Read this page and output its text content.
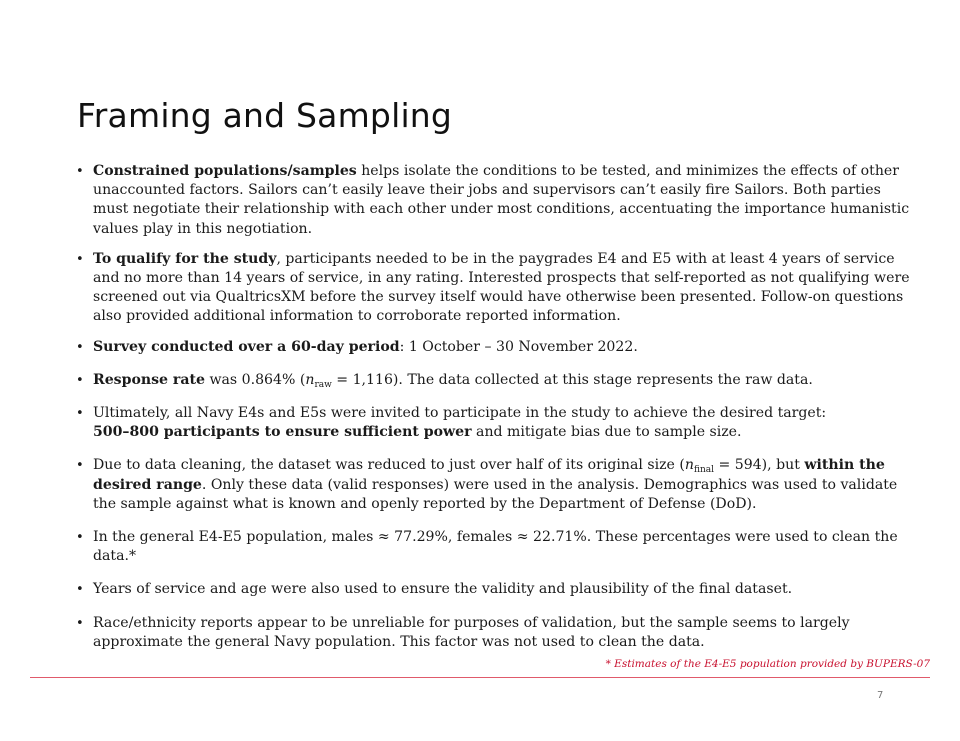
Framing and Sampling
• Constrained populations/samples helps isolate the conditions to be tested, and minimizes the effects of other unaccounted factors. Sailors can’t easily leave their jobs and supervisors can’t easily fire Sailors. Both parties must negotiate their relationship with each other under most conditions, accentuating the importance humanistic values play in this negotiation.
• To qualify for the study, participants needed to be in the paygrades E4 and E5 with at least 4 years of service and no more than 14 years of service, in any rating. Interested prospects that self-reported as not qualifying were screened out via QualtricsXM before the survey itself would have otherwise been presented. Follow-on questions also provided additional information to corroborate reported information.
• Survey conducted over a 60-day period: 1 October – 30 November 2022.
• Response rate was 0.864% $(n_{raw} = 1,116)$. The data collected at this stage represents the raw data.
• Ultimately, all Navy E4s and E5s were invited to participate in the study to achieve the desired target:
500–800 participants to ensure sufficient power and mitigate bias due to sample size.
• Due to data cleaning, the dataset was reduced to just over half of its original size $(n_{final} = 594)$, but within the desired range. Only these data (valid responses) were used in the analysis. Demographics was used to validate the sample against what is known and openly reported by the Department of Defense (DoD).
• In the general E4-E5 population, males ≈ 77.29%, females ≈ 22.71%. These percentages were used to clean the data.*
• Years of service and age were also used to ensure the validity and plausibility of the final dataset.
• Race/ethnicity reports appear to be unreliable for purposes of validation, but the sample seems to largely approximate the general Navy population. This factor was not used to clean the data.
* Estimates of the E4-E5 population provided by BUPERS-07
7
